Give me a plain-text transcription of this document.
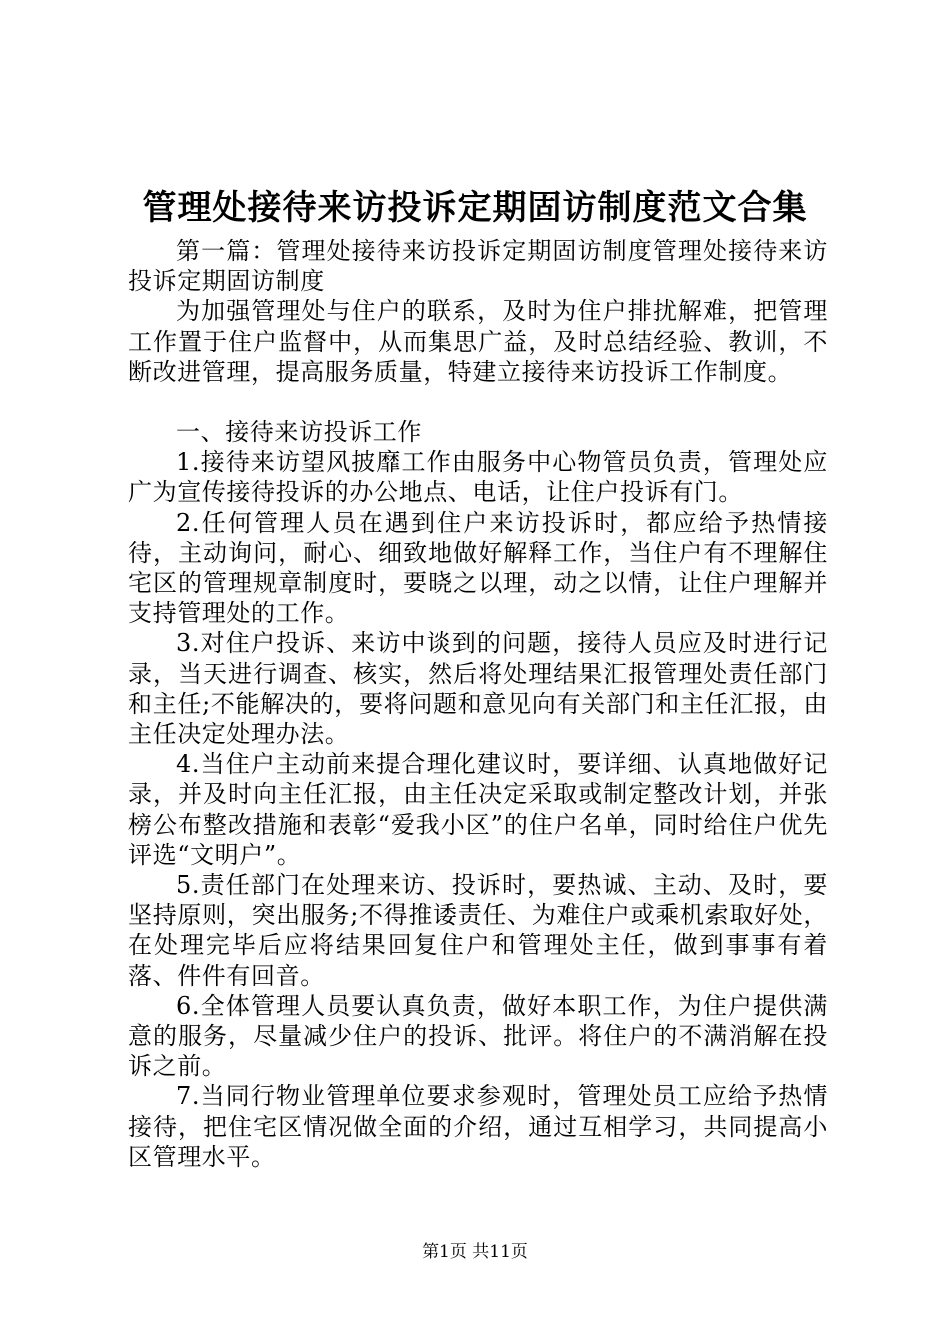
管理处接待来访投诉定期固访制度范文合集

第一篇：管理处接待来访投诉定期固访制度管理处接待来访投诉定期固访制度

为加强管理处与住户的联系，及时为住户排扰解难，把管理工作置于住户监督中，从而集思广益，及时总结经验、教训，不断改进管理，提高服务质量，特建立接待来访投诉工作制度。

一、接待来访投诉工作

1.接待来访望风披靡工作由服务中心物管员负责，管理处应广为宣传接待投诉的办公地点、电话，让住户投诉有门。

2.任何管理人员在遇到住户来访投诉时，都应给予热情接待，主动询问，耐心、细致地做好解释工作，当住户有不理解住宅区的管理规章制度时，要晓之以理，动之以情，让住户理解并支持管理处的工作。

3.对住户投诉、来访中谈到的问题，接待人员应及时进行记录，当天进行调查、核实，然后将处理结果汇报管理处责任部门和主任;不能解决的，要将问题和意见向有关部门和主任汇报，由主任决定处理办法。

4.当住户主动前来提合理化建议时，要详细、认真地做好记录，并及时向主任汇报，由主任决定采取或制定整改计划，并张榜公布整改措施和表彰“爱我小区”的住户名单，同时给住户优先评选“文明户”。

5.责任部门在处理来访、投诉时，要热诚、主动、及时，要坚持原则，突出服务;不得推诿责任、为难住户或乘机索取好处，在处理完毕后应将结果回复住户和管理处主任，做到事事有着落、件件有回音。

6.全体管理人员要认真负责，做好本职工作，为住户提供满意的服务，尽量减少住户的投诉、批评。将住户的不满消解在投诉之前。

7.当同行物业管理单位要求参观时，管理处员工应给予热情接待，把住宅区情况做全面的介绍，通过互相学习，共同提高小区管理水平。

第1页 共11页
